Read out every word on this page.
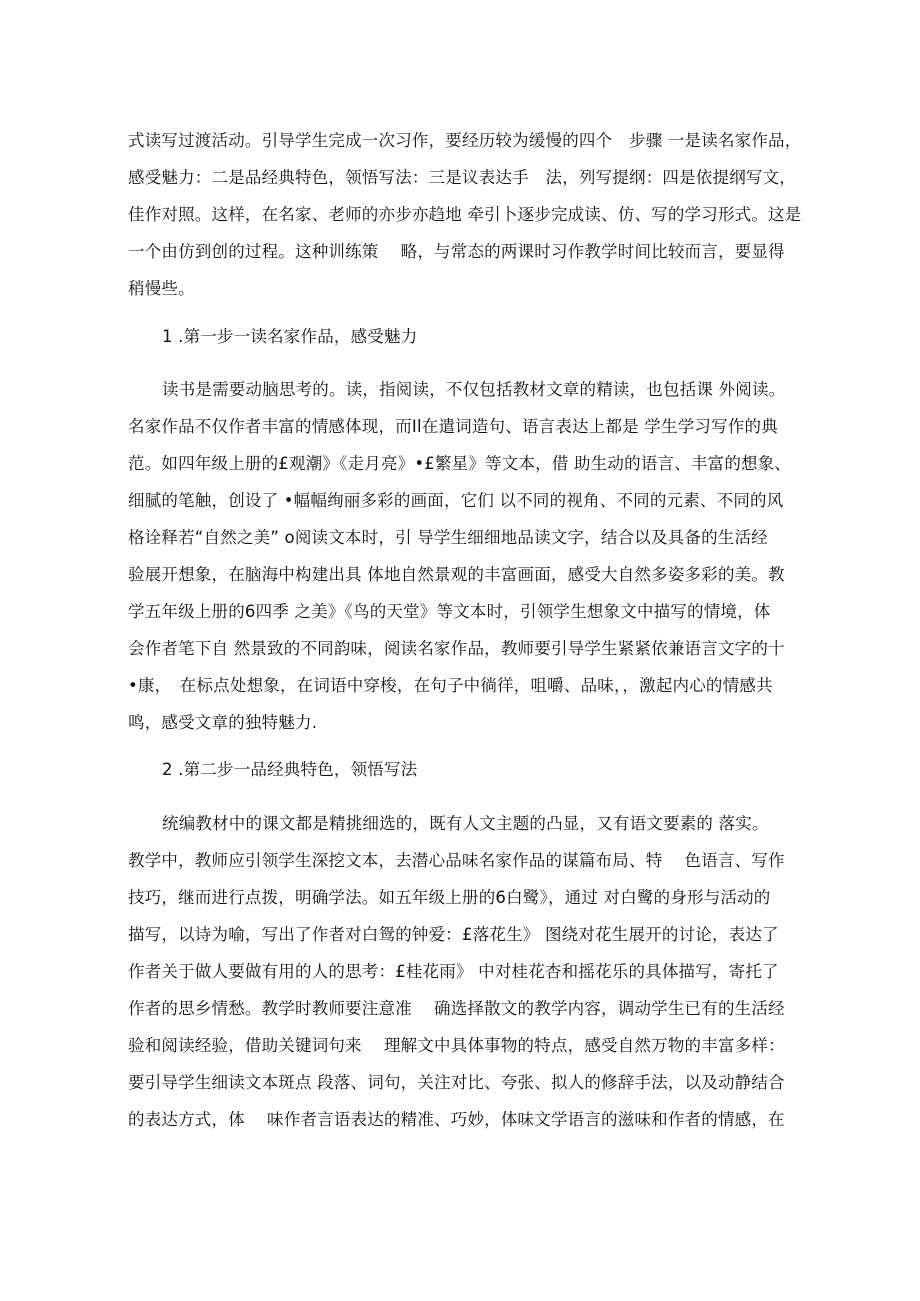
式读写过渡活动。引导学生完成一次习作，要经历较为缓慢的四个　步骤 一是读名家作品，
感受魅力：二是品经典特色，领悟写法：三是议表达手　法，列写提纲：四是依提纲写文，
佳作对照。这样，在名家、老师的亦步亦趋地 牵引卜逐步完成读、仿、写的学习形式。这是
一个由仿到创的过程。这种训练策　 略，与常态的两课时习作教学时间比较而言，要显得
稍慢些。
1 .第一步一读名家作品，感受魅力
读书是需要动脑思考的。读，指阅读，不仅包括教材文章的精读，也包括课 外阅读。
名家作品不仅作者丰富的情感体现，而Il在遣词造句、语言表达上都是 学生学习写作的典
范。如四年级上册的£观潮》《走月亮》•£繁星》等文本，借 助生动的语言、丰富的想象、
细腻的笔触，创设了 •幅幅绚丽多彩的画面，它们 以不同的视角、不同的元素、不同的风
格诠释若“自然之美” o阅读文本时，引 导学生细细地品读文字，结合以及具备的生活经
验展开想象，在脑海中构建出具 体地自然景观的丰富画面，感受大自然多姿多彩的美。教
学五年级上册的6四季 之美》《鸟的天堂》等文本时，引领学生想象文中描写的情境，体
会作者笔下自 然景致的不同韵味，阅读名家作品，教师要引导学生紧紧依兼语言文字的十
•康，　在标点处想象，在词语中穿梭，在句子中徜徉，咀嚼、品味，，激起内心的情感共
鸣，感受文章的独特魅力.
2 .第二步一品经典特色，领悟写法
统编教材中的课文都是精挑细选的，既有人文主题的凸显，又有语文要素的 落实。
教学中，教师应引领学生深挖文本，去潜心品味名家作品的谋篇布局、特　 色语言、写作
技巧，继而进行点拨，明确学法。如五年级上册的6白鹭》，通过 对白鹭的身形与活动的
描写，以诗为喻，写出了作者对白鸳的钟爱：£落花生》 图绕对花生展开的讨论，表达了
作者关于做人要做有用的人的思考：£桂花雨》 中对桂花杏和摇花乐的具体描写，寄托了
作者的思乡情愁。教学时教师要注意准　 确选择散文的教学内容，调动学生已有的生活经
验和阅读经验，借助关键词句来　 理解文中具体事物的特点，感受自然万物的丰富多样：
要引导学生细读文本斑点 段落、词句，关注对比、夸张、拟人的修辞手法，以及动静结合
的表达方式，体　 味作者言语表达的精准、巧妙，体味文学语言的滋味和作者的情感，在
